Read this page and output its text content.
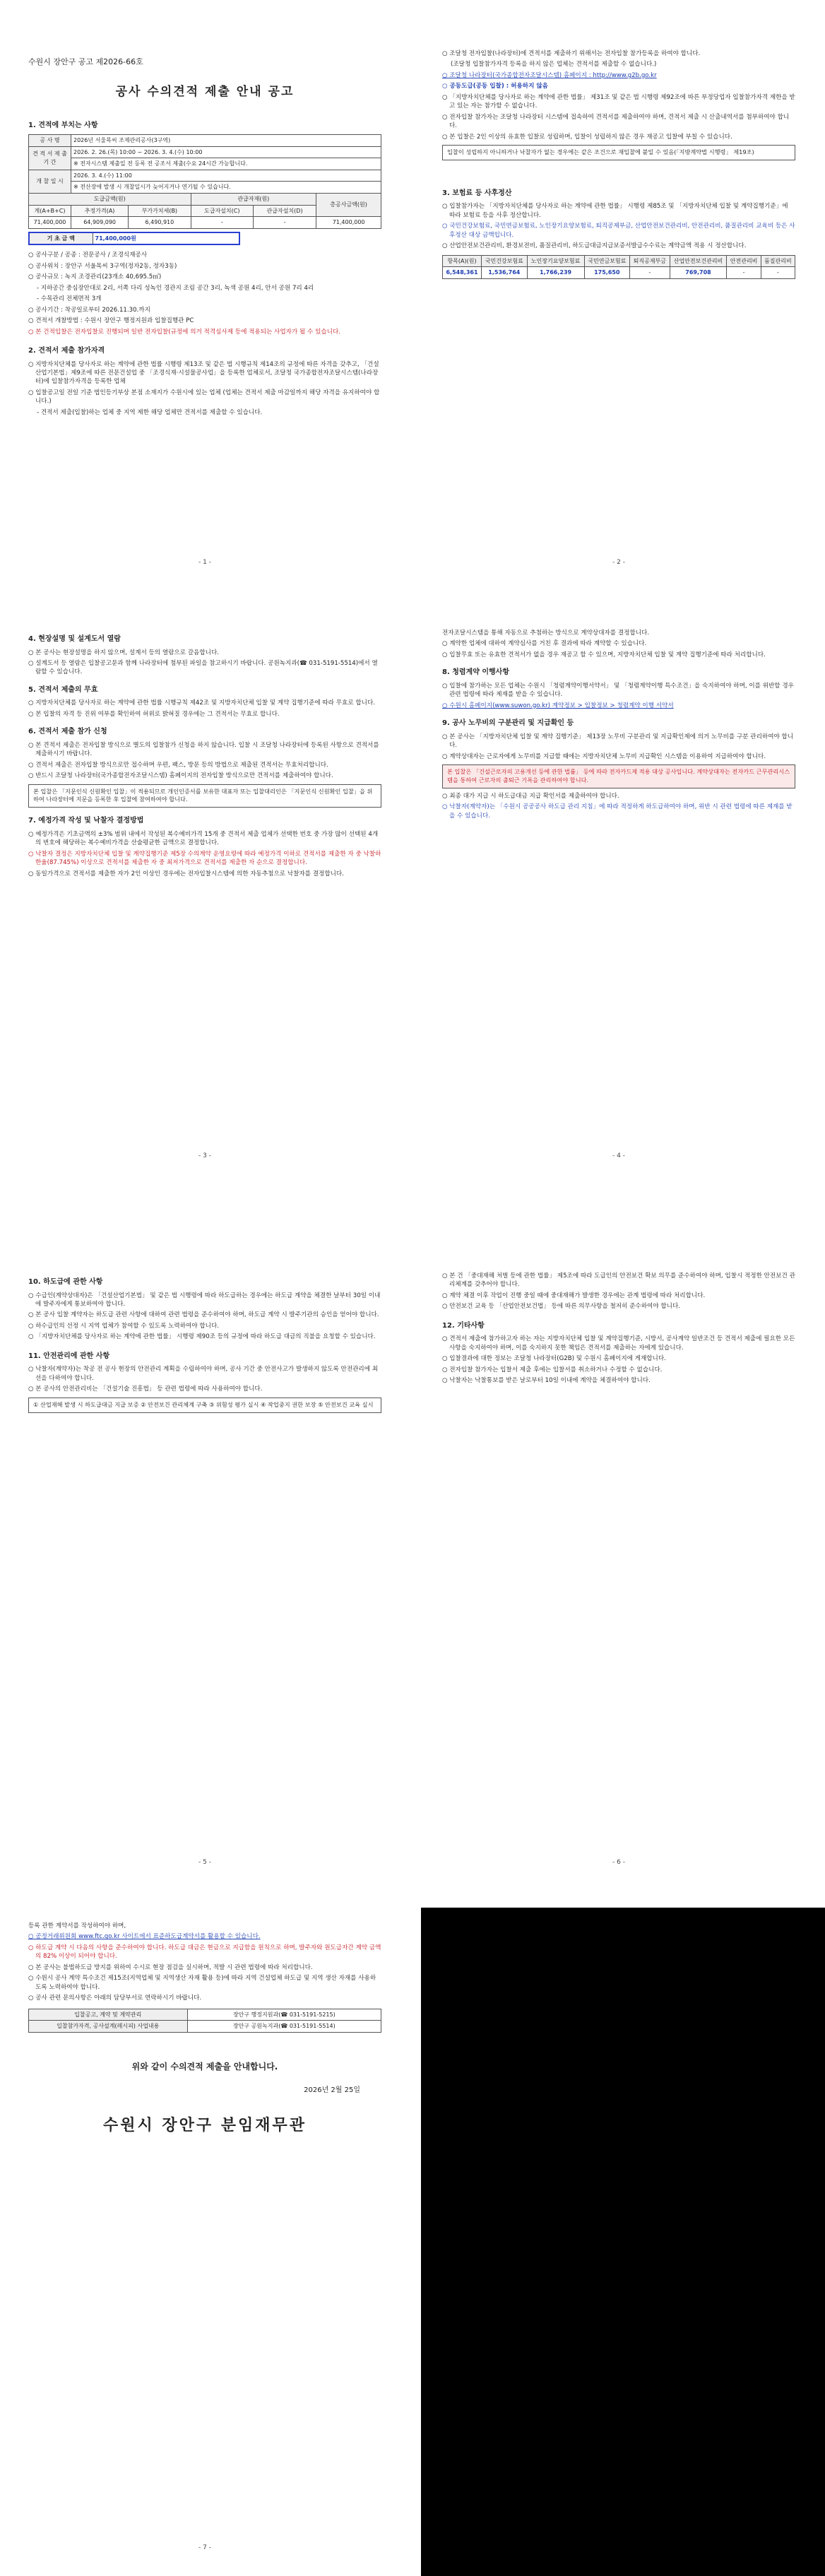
수원시 장안구 공고 제2026-66호
공사 수의견적 제출 안내 공고
1. 견적에 부치는 사항
공 사 명	2026년 서울목씨 조제관리공사(3구역)				
견 적 서 제 출 기 간	2026. 2. 26.(목) 10:00 ~ 2026. 3. 4.(수) 10:00				
	※ 전자시스템 제출일 전 등록 전 공조서 제출(수요 24시간 가능합니다.				
개 찰 일 시	2026. 3. 4.(수) 11:00				
	※ 전산장애 발생 시 개찰일시가 늦어지거나 연기될 수 있습니다.				
도급금액(원)			관급자재(원)		총공사금액(원)
계(A+B+C)	추정가격(A)	부가가치세(B)	도급자설치(C)	관급자설치(D)	
71,400,000	64,909,090	6,490,910	-	-	71,400,000
기 초 금 액	71,400,000원

○ 공사구분 / 공종 : 전문공사 / 조경식재공사

○ 공사위치 : 장안구 서울목씨 3구역(정자2동, 정자3동)

○ 공사규모 : 녹지 조경관리(23개소 40,695.5㎡)

- 지하공간 중심장안대로 2리, 서쪽 다리 성녹인 경관지 조림 공간 3리, 녹색 공원 4리, 안서 공원 7리 4리

- 수목관리 전체면적 3개

○ 공사기간 : 착공일로부터 2026.11.30.까지

○ 견적서 개찰방법 : 수원시 장안구 행정지원과 입찰집행관 PC

○ 본 건적입찰은 전자입찰로 진행되며 일반 전자입찰(규정에 의거 적격심사제 등에 적용되는 사업자가 될 수 있습니다.

2. 견적서 제출 참가자격

○ 지방자치단체를 당사자로 하는 계약에 관한 법률 시행령 제13조 및 같은 법 시행규칙 제14조의 규정에 따른 자격을 갖추고, 「건설산업기본법」제9조에 따른 전문건설업 중 「조경식재·시설물공사업」을 등록한 업체로서, 조달청 국가종합전자조달시스템(나라장터)에 입찰참가자격을 등록한 업체

○ 입찰공고일 전일 기준 법인등기부상 본점 소재지가 수원시에 있는 업체 (업체는 견적서 제출 마감일까지 해당 자격을 유지하여야 합니다.)

- 견적서 제출(입찰)하는 업체 중 지역 제한 해당 업체만 견적서를 제출할 수 있습니다.

○ 조달청 전자입찰(나라장터)에 견적서를 제출하기 위해서는 전자입찰 참가등록을 하여야 합니다.

(조달청 입찰참가자격 등록을 하지 않은 업체는 견적서를 제출할 수 없습니다.)

○ 조달청 나라장터(국가종합전자조달시스템) 홈페이지 : http://www.g2b.go.kr

○ 공동도급(공동 입찰) : 허용하지 않음

○ 「지방자치단체를 당사자로 하는 계약에 관한 법률」 제31조 및 같은 법 시행령 제92조에 따른 부정당업자 입찰참가자격 제한을 받고 있는 자는 참가할 수 없습니다.

○ 전자입찰 참가자는 조달청 나라장터 시스템에 접속하여 견적서를 제출하여야 하며, 견적서 제출 시 산출내역서를 첨부하여야 합니다.

○ 본 입찰은 2인 이상의 유효한 입찰로 성립하며, 입찰이 성립하지 않은 경우 재공고 입찰에 부칠 수 있습니다.

입찰이 성립하지 아니하거나 낙찰자가 없는 경우에는 같은 조건으로 재입찰에 붙일 수 있음(「지방계약법 시행령」 제19조)
3. 보험료 등 사후정산

○ 입찰참가자는 「지방자치단체를 당사자로 하는 계약에 관한 법률」 시행령 제85조 및 「지방자치단체 입찰 및 계약집행기준」에 따라 보험료 등을 사후 정산합니다.

○ 국민건강보험료, 국민연금보험료, 노인장기요양보험료, 퇴직공제부금, 산업안전보건관리비, 안전관리비, 품질관리비 교육비 등은 사후정산 대상 금액입니다.

○ 산업안전보건관리비, 환경보전비, 품질관리비, 하도급대금지급보증서발급수수료는 계약금액 적용 시 정산합니다.

항목(A)(원)	국민건강보험료	노인장기요양보험료	국민연금보험료	퇴직공제부금	산업안전보건관리비	안전관리비	품질관리비
6,548,361	1,536,764	1,766,239	175,650	-	769,708	-	-
- 1 -	- 2 -
4. 현장설명 및 설계도서 열람

○ 본 공사는 현장설명을 하지 않으며, 설계서 등의 열람으로 갈음합니다.

○ 설계도서 등 열람은 입찰공고문과 함께 나라장터에 첨부된 파일을 참고하시기 바랍니다. 공원녹지과(☎ 031-5191-5514)에서 열람할 수 있습니다.

5. 견적서 제출의 무효

○ 지방자치단체를 당사자로 하는 계약에 관한 법률 시행규칙 제42조 및 지방자치단체 입찰 및 계약 집행기준에 따라 무효로 합니다.

○ 본 입찰의 자격 등 진위 여부를 확인하여 허위로 밝혀질 경우에는 그 견적서는 무효로 합니다.

6. 견적서 제출 참가 신청

○ 본 견적서 제출은 전자입찰 방식으로 별도의 입찰참가 신청을 하지 않습니다. 입찰 시 조달청 나라장터에 등록된 사항으로 견적서를 제출하시기 바랍니다.

○ 견적서 제출은 전자입찰 방식으로만 접수하며 우편, 팩스, 방문 등의 방법으로 제출된 견적서는 무효처리합니다.

○ 반드시 조달청 나라장터(국가종합전자조달시스템) 홈페이지의 전자입찰 방식으로만 견적서를 제출하여야 합니다.

본 입찰은 「지문인식 신원확인 입찰」이 적용되므로 개인인증서를 보유한 대표자 또는 입찰대리인은 「지문인식 신원확인 입찰」을 위하여 나라장터에 지문을 등록한 후 입찰에 참여하여야 합니다.
7. 예정가격 작성 및 낙찰자 결정방법

○ 예정가격은 기초금액의 ±3% 범위 내에서 작성된 복수예비가격 15개 중 견적서 제출 업체가 선택한 번호 중 가장 많이 선택된 4개의 번호에 해당하는 복수예비가격을 산술평균한 금액으로 결정합니다.

○ 낙찰자 결정은 지방자치단체 입찰 및 계약집행기준 제5장 수의계약 운영요령에 따라 예정가격 이하로 견적서를 제출한 자 중 낙찰하한율(87.745%) 이상으로 견적서를 제출한 자 중 최저가격으로 견적서를 제출한 자 순으로 결정합니다.

○ 동일가격으로 견적서를 제출한 자가 2인 이상인 경우에는 전자입찰시스템에 의한 자동추첨으로 낙찰자를 결정합니다.

전자조달시스템을 통해 자동으로 추첨하는 방식으로 계약상대자를 결정합니다.

○ 계약한 업체에 대하여 계약심사를 거친 후 결과에 따라 계약할 수 있습니다.

○ 입찰무효 또는 유효한 견적서가 없을 경우 재공고 할 수 있으며, 지방자치단체 입찰 및 계약 집행기준에 따라 처리합니다.

8. 청렴계약 이행사항

○ 입찰에 참가하는 모든 업체는 수원시 「청렴계약이행서약서」 및 「청렴계약이행 특수조건」을 숙지하여야 하며, 이를 위반할 경우 관련 법령에 따라 제재를 받을 수 있습니다.

○ 수원시 홈페이지(www.suwon.go.kr) 계약정보 > 입찰정보 > 청렴계약 이행 서약서

9. 공사 노무비의 구분관리 및 지급확인 등

○ 본 공사는 「지방자치단체 입찰 및 계약 집행기준」 제13장 노무비 구분관리 및 지급확인제에 의거 노무비를 구분 관리하여야 합니다.

○ 계약상대자는 근로자에게 노무비를 지급할 때에는 지방자치단체 노무비 지급확인 시스템을 이용하여 지급하여야 합니다.

본 입찰은 「건설근로자의 고용개선 등에 관한 법률」 등에 따라 전자카드제 적용 대상 공사입니다. 계약상대자는 전자카드 근무관리시스템을 통하여 근로자의 출퇴근 기록을 관리하여야 합니다.

○ 최종 대가 지급 시 하도급대금 지급 확인서를 제출하여야 합니다.

○ 낙찰자(계약자)는 「수원시 공공공사 하도급 관리 지침」에 따라 적정하게 하도급하여야 하며, 위반 시 관련 법령에 따른 제재를 받을 수 있습니다.

- 3 -	- 4 -
10. 하도급에 관한 사항

○ 수급인(계약상대자)은 「건설산업기본법」 및 같은 법 시행령에 따라 하도급하는 경우에는 하도급 계약을 체결한 날부터 30일 이내에 발주자에게 통보하여야 합니다.

○ 본 공사 입찰 계약자는 하도급 관련 사항에 대하여 관련 법령을 준수하여야 하며, 하도급 계약 시 발주기관의 승인을 얻어야 합니다.

○ 하수급인의 선정 시 지역 업체가 참여할 수 있도록 노력하여야 합니다.

○ 「지방자치단체를 당사자로 하는 계약에 관한 법률」 시행령 제90조 등의 규정에 따라 하도급 대금의 직불을 요청할 수 있습니다.

11. 안전관리에 관한 사항

○ 낙찰자(계약자)는 착공 전 공사 현장의 안전관리 계획을 수립하여야 하며, 공사 기간 중 안전사고가 발생하지 않도록 안전관리에 최선을 다하여야 합니다.

○ 본 공사의 안전관리비는 「건설기술 진흥법」 등 관련 법령에 따라 사용하여야 합니다.

① 산업재해 발생 시 하도급대금 지급 보증 ② 안전보건 관리체계 구축 ③ 위험성 평가 실시 ④ 작업중지 권한 보장 ⑤ 안전보건 교육 실시

○ 본 건 「중대재해 처벌 등에 관한 법률」 제5조에 따라 도급인의 안전보건 확보 의무를 준수하여야 하며, 입찰시 적정한 안전보건 관리체계를 갖추어야 합니다.

○ 계약 체결 이후 작업이 진행 중일 때에 중대재해가 발생한 경우에는 관계 법령에 따라 처리합니다.

○ 안전보건 교육 등 「산업안전보건법」 등에 따른 의무사항을 철저히 준수하여야 합니다.

12. 기타사항

○ 견적서 제출에 참가하고자 하는 자는 지방자치단체 입찰 및 계약집행기준, 시방서, 공사계약 일반조건 등 견적서 제출에 필요한 모든 사항을 숙지하여야 하며, 이를 숙지하지 못한 책임은 견적서를 제출하는 자에게 있습니다.

○ 입찰결과에 대한 정보는 조달청 나라장터(G2B) 및 수원시 홈페이지에 게재합니다.

○ 전자입찰 참가자는 입찰서 제출 후에는 입찰서를 취소하거나 수정할 수 없습니다.

○ 낙찰자는 낙찰통보를 받은 날로부터 10일 이내에 계약을 체결하여야 합니다.

- 5 -	- 6 -

등록 관한 계약서를 작성하여야 하며,

○ 공정거래위원회 www.ftc.go.kr 사이트에서 표준하도급계약서를 활용할 수 있습니다.

○ 하도급 계약 시 다음의 사항을 준수하여야 합니다. 하도급 대금은 현금으로 지급함을 원칙으로 하며, 발주자와 원도급자간 계약 금액의 82% 이상이 되어야 합니다.

○ 본 공사는 불법하도급 방지를 위하여 수시로 현장 점검을 실시하며, 적발 시 관련 법령에 따라 처리합니다.

○ 수원시 공사 계약 특수조건 제15조(지역업체 및 지역생산 자재 활용 등)에 따라 지역 건설업체 하도급 및 지역 생산 자재를 사용하도록 노력하여야 합니다.

○ 공사 관련 문의사항은 아래의 담당부서로 연락하시기 바랍니다.

입찰공고, 계약 및 계약관리	장안구 행정지원과(☎ 031-5191-5215)
입찰참가자격, 공사설계(레시피) 사업내용	장안구 공원녹지과(☎ 031-5191-5514)
위와 같이 수의견적 제출을 안내합니다.
2026년 2월 25일
수원시 장안구 분임재무관
- 7 -
